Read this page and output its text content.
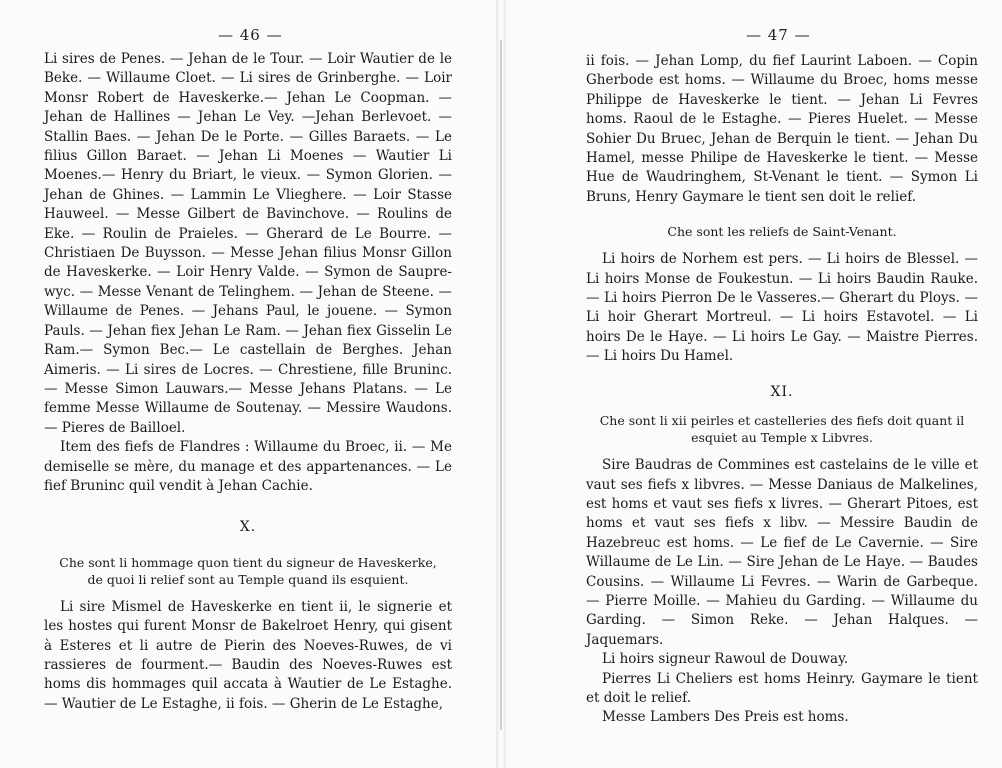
— 46 —

Li sires de Penes. — Jehan de le Tour. — Loir Wautier de le Beke. — Willaume Cloet. — Li sires de Grinberghe. — Loir Monsr Robert de Haveskerke.— Jehan Le Coopman. — Jehan de Hallines — Jehan Le Vey. —Jehan Berlevoet. — Stallin Baes. — Jehan De le Porte. — Gilles Baraets. — Le filius Gillon Baraet. — Jehan Li Moenes — Wautier Li Moenes.— Henry du Briart, le vieux. — Symon Glorien. — Jehan de Ghines. — Lammin Le Vlieghere. — Loir Stasse Hauweel. — Messe Gilbert de Bavinchove. — Roulins de Eke. — Roulin de Praieles. — Gherard de Le Bourre. — Christiaen De Buysson. — Messe Jehan filius Monsr Gillon de Haveskerke. — Loir Henry Valde. — Symon de Saupre- wyc. — Messe Venant de Telinghem. — Jehan de Steene. — Willaume de Penes. — Jehans Paul, le jouene. — Symon Pauls. — Jehan fiex Jehan Le Ram. — Jehan fiex Gisselin Le Ram.— Symon Bec.— Le castellain de Berghes. Jehan Aimeris. — Li sires de Locres. — Chrestiene, fille Bruninc.— Messe Simon Lauwars.— Messe Jehans Platans. — Le femme Messe Willaume de Soutenay. — Messire Waudons. — Pieres de Bailloel.

Item des fiefs de Flandres : Willaume du Broec, ii. — Me demiselle se mère, du manage et des appartenances. — Le fief Bruninc quil vendit à Jehan Cachie.

X.

Che sont li hommage quon tient du signeur de Haveskerke, de quoi li relief sont au Temple quand ils esquient.

Li sire Mismel de Haveskerke en tient ii, le signerie et les hostes qui furent Monsr de Bakelroet Henry, qui gisent à Esteres et li autre de Pierin des Noeves-Ruwes, de vi rassieres de fourment.— Baudin des Noeves-Ruwes est homs dis hommages quil accata à Wautier de Le Estaghe. — Wautier de Le Estaghe, ii fois. — Gherin de Le Estaghe,

— 47 —

ii fois. — Jehan Lomp, du fief Laurint Laboen. — Copin Gherbode est homs. — Willaume du Broec, homs messe Philippe de Haveskerke le tient. — Jehan Li Fevres homs. Raoul de le Estaghe. — Pieres Huelet. — Messe Sohier Du Bruec, Jehan de Berquin le tient. — Jehan Du Hamel, messe Philipe de Haveskerke le tient. — Messe Hue de Waudringhem, St-Venant le tient. — Symon Li Bruns, Henry Gaymare le tient sen doit le relief.

Che sont les reliefs de Saint-Venant.

Li hoirs de Norhem est pers. — Li hoirs de Blessel. — Li hoirs Monse de Foukestun. — Li hoirs Baudin Rauke. — Li hoirs Pierron De le Vasseres.— Gherart du Ploys. — Li hoir Gherart Mortreul. — Li hoirs Estavotel. — Li hoirs De le Haye. — Li hoirs Le Gay. — Maistre Pierres. — Li hoirs Du Hamel.

XI.

Che sont li xii peirles et castelleries des fiefs doit quant il esquiet au Temple x Libvres.

Sire Baudras de Commines est castelains de le ville et vaut ses fiefs x libvres. — Messe Daniaus de Malkelines, est homs et vaut ses fiefs x livres. — Gherart Pitoes, est homs et vaut ses fiefs x libv. — Messire Baudin de Hazebreuc est homs. — Le fief de Le Cavernie. — Sire Willaume de Le Lin. — Sire Jehan de Le Haye. — Baudes Cousins. — Willaume Li Fevres. — Warin de Garbeque. — Pierre Moille. — Mahieu du Garding. — Willaume du Garding. — Simon Reke. — Jehan Halques. — Jaquemars.

Li hoirs signeur Rawoul de Douway.

Pierres Li Cheliers est homs Heinry. Gaymare le tient et doit le relief.

Messe Lambers Des Preis est homs.
